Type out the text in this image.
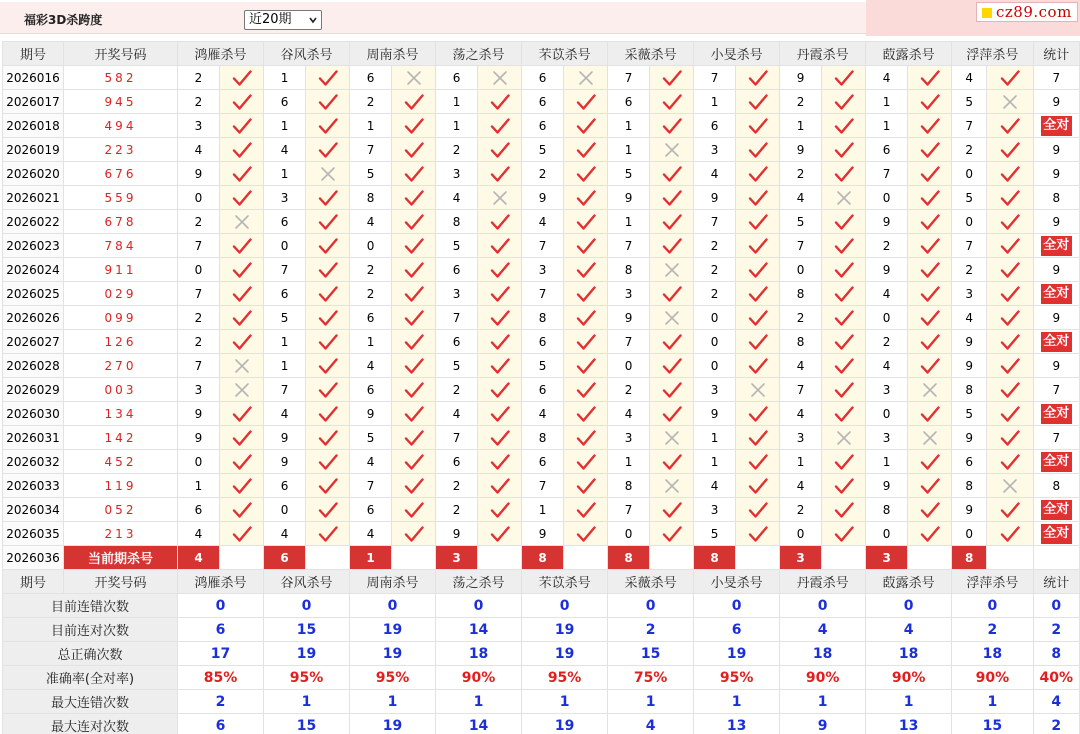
福彩3D杀跨度	近20期	cz89.com
期号	开奖号码	鸿雁杀号		谷风杀号		周南杀号		荡之杀号		芣苡杀号		采薇杀号		小旻杀号		丹霞杀号		菣露杀号		浮萍杀号		统计
2026016	582	2		1		6		6		6		7		7		9		4		4		7
2026017	945	2		6		2		1		6		6		1		2		1		5		9
2026018	494	3		1		1		1		6		1		6		1		1		7		全对
2026019	223	4		4		7		2		5		1		3		9		6		2		9
2026020	676	9		1		5		3		2		5		4		2		7		0		9
2026021	559	0		3		8		4		9		9		9		4		0		5		8
2026022	678	2		6		4		8		4		1		7		5		9		0		9
2026023	784	7		0		0		5		7		7		2		7		2		7		全对
2026024	911	0		7		2		6		3		8		2		0		9		2		9
2026025	029	7		6		2		3		7		3		2		8		4		3		全对
2026026	099	2		5		6		7		8		9		0		2		0		4		9
2026027	126	2		1		1		6		6		7		0		8		2		9		全对
2026028	270	7		1		4		5		5		0		0		4		4		9		9
2026029	003	3		7		6		2		6		2		3		7		3		8		7
2026030	134	9		4		9		4		4		4		9		4		0		5		全对
2026031	142	9		9		5		7		8		3		1		3		3		9		7
2026032	452	0		9		4		6		6		1		1		1		1		6		全对
2026033	119	1		6		7		2		7		8		4		4		9		8		8
2026034	052	6		0		6		2		1		7		3		2		8		9		全对
2026035	213	4		4		4		9		9		0		5		0		0		0		全对
2026036	当前期杀号	4		6		1		3		8		8		8		3		3		8		
期号	开奖号码	鸿雁杀号		谷风杀号		周南杀号		荡之杀号		芣苡杀号		采薇杀号		小旻杀号		丹霞杀号		菣露杀号		浮萍杀号		统计
目前连错次数		0		0		0		0		0		0		0		0		0		0		0
目前连对次数		6		15		19		14		19		2		6		4		4		2		2
总正确次数		17		19		19		18		19		15		19		18		18		18		8
准确率(全对率)		85%		95%		95%		90%		95%		75%		95%		90%		90%		90%		40%
最大连错次数		2		1		1		1		1		1		1		1		1		1		4
最大连对次数		6		15		19		14		19		4		13		9		13		15		2
